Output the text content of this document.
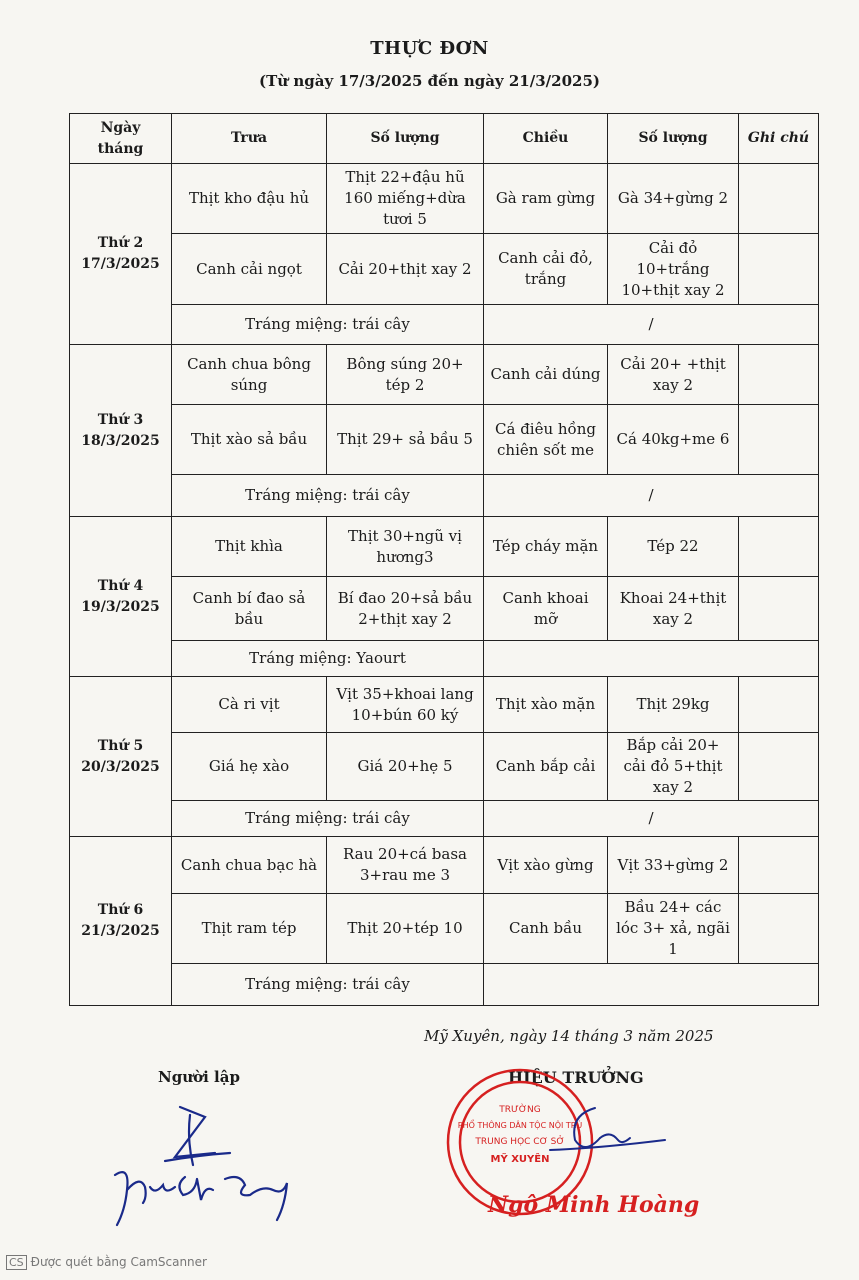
THỰC ĐƠN
(Từ ngày 17/3/2025 đến ngày 21/3/2025)
Ngày tháng	Trưa	Số lượng	Chiều	Số lượng	Ghi chú

Thứ 2
17/3/2025	Thịt kho đậu hủ	Thịt 22+đậu hũ 160 miếng+dừa tươi 5	Gà ram gừng	Gà 34+gừng 2	
	Canh cải ngọt	Cải 20+thịt xay 2	Canh cải đỏ, trắng	Cải đỏ 10+trắng 10+thịt xay 2	
	Tráng miệng: trái cây		/		

Thứ 3
18/3/2025	Canh chua bông súng	Bông súng 20+ tép 2	Canh cải dúng	Cải 20+ +thịt xay 2	
	Thịt xào sả bầu	Thịt 29+ sả bầu 5	Cá điêu hồng chiên sốt me	Cá 40kg+me 6	
	Tráng miệng: trái cây		/		

Thứ 4
19/3/2025	Thịt khìa	Thịt 30+ngũ vị hương3	Tép cháy mặn	Tép 22	
	Canh bí đao sả bầu	Bí đao 20+sả bầu 2+thịt xay 2	Canh khoai mỡ	Khoai 24+thịt xay 2	
	Tráng miệng: Yaourt				

Thứ 5
20/3/2025	Cà ri vịt	Vịt 35+khoai lang 10+bún 60 ký	Thịt xào mặn	Thịt 29kg	
	Giá hẹ xào	Giá 20+hẹ 5	Canh bắp cải	Bắp cải 20+ cải đỏ 5+thịt xay 2	
	Tráng miệng: trái cây		/		

Thứ 6
21/3/2025	Canh chua bạc hà	Rau 20+cá basa 3+rau me 3	Vịt xào gừng	Vịt 33+gừng 2	
	Thịt ram tép	Thịt 20+tép 10	Canh bầu	Bầu 24+ các lóc 3+ xả, ngãi 1	
	Tráng miệng: trái cây				
Mỹ Xuyên, ngày 14 tháng 3 năm 2025
Người lập	HIỆU TRƯỞNG
TRƯỜNG
PHỔ THÔNG DÂN TỘC NỘI TRÚ
TRUNG HỌC CƠ SỞ
MỸ XUYÊN
Ngô Minh Hoàng
CS Được quét bằng CamScanner
